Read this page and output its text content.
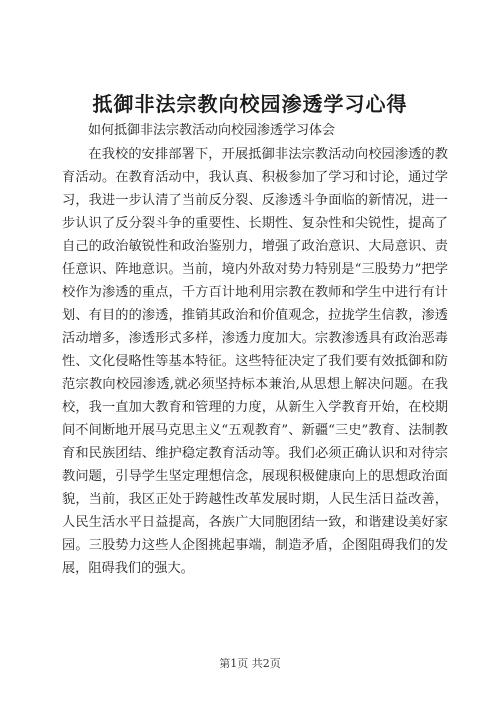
抵御非法宗教向校园渗透学习心得
如何抵御非法宗教活动向校园渗透学习体会

在我校的安排部署下，开展抵御非法宗教活动向校园渗透的教育活动。在教育活动中，我认真、积极参加了学习和讨论，通过学习，我进一步认清了当前反分裂、反渗透斗争面临的新情况，进一步认识了反分裂斗争的重要性、长期性、复杂性和尖锐性，提高了自己的政治敏锐性和政治鉴别力，增强了政治意识、大局意识、责任意识、阵地意识。当前，境内外敌对势力特别是“三股势力”把学校作为渗透的重点，千方百计地利用宗教在教师和学生中进行有计划、有目的的渗透，推销其政治和价值观念，拉拢学生信教，渗透活动增多，渗透形式多样，渗透力度加大。宗教渗透具有政治恶毒性、文化侵略性等基本特征。这些特征决定了我们要有效抵御和防范宗教向校园渗透,就必须坚持标本兼治,从思想上解决问题。在我校，我一直加大教育和管理的力度，从新生入学教育开始，在校期间不间断地开展马克思主义“五观教育”、新疆“三史”教育、法制教育和民族团结、维护稳定教育活动等。我们必须正确认识和对待宗教问题，引导学生坚定理想信念，展现积极健康向上的思想政治面貌，当前，我区正处于跨越性改革发展时期，人民生活日益改善，人民生活水平日益提高，各族广大同胞团结一致，和谐建设美好家园。三股势力这些人企图挑起事端，制造矛盾，企图阻碍我们的发展，阻碍我们的强大。

第1页 共2页
